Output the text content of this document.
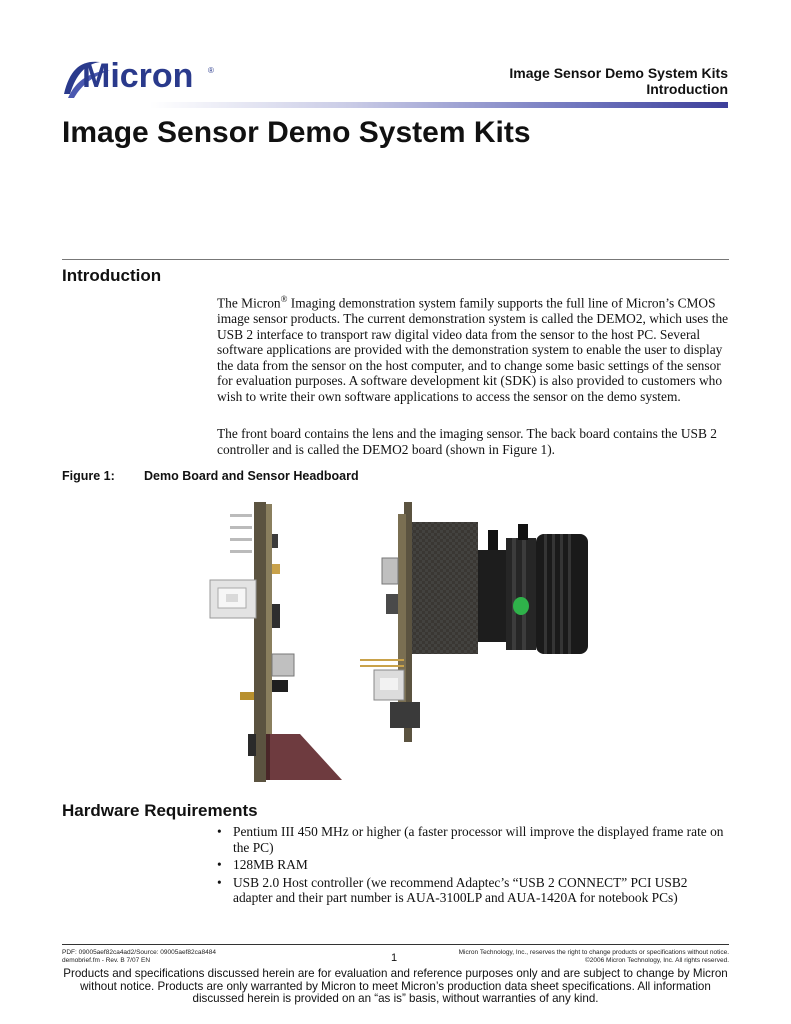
Micron ®	Image Sensor Demo System Kits
Introduction
Image Sensor Demo System Kits
Introduction

The Micron® Imaging demonstration system family supports the full line of Micron’s CMOS image sensor products. The current demonstration system is called the DEMO2, which uses the USB 2 interface to transport raw digital video data from the sensor to the host PC. Several software applications are provided with the demonstration system to enable the user to display the data from the sensor on the host computer, and to change some basic settings of the sensor for evaluation purposes. A software development kit (SDK) is also provided to customers who wish to write their own software applications to access the sensor on the demo system.

The front board contains the lens and the imaging sensor. The back board contains the USB 2 controller and is called the DEMO2 board (shown in Figure 1).

Figure 1: Demo Board and Sensor Headboard
Hardware Requirements
• Pentium III 450 MHz or higher (a faster processor will improve the displayed frame rate on the PC)
• 128MB RAM
• USB 2.0 Host controller (we recommend Adaptec’s “USB 2 CONNECT” PCI USB2 adapter and their part number is AUA-3100LP and AUA-1420A for notebook PCs)
PDF: 09005aef82ca4ad2/Source: 09005aef82ca8484
demobrief.fm - Rev. B 7/07 EN	1	Micron Technology, Inc., reserves the right to change products or specifications without notice.
©2006 Micron Technology, Inc. All rights reserved.
Products and specifications discussed herein are for evaluation and reference purposes only and are subject to change by Micron without notice. Products are only warranted by Micron to meet Micron’s production data sheet specifications. All information discussed herein is provided on an “as is” basis, without warranties of any kind.
